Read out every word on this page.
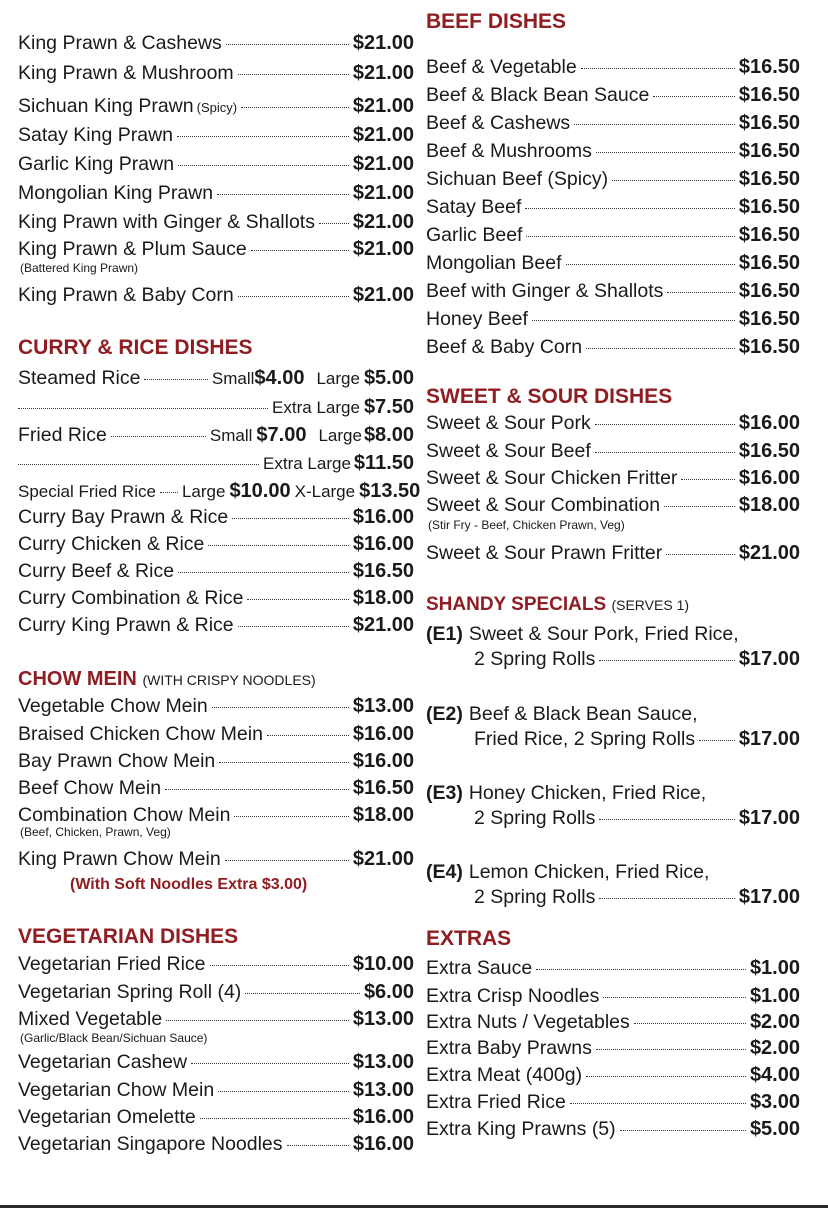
King Prawn & Cashews	$21.00
King Prawn & Mushroom	$21.00
Sichuan King Prawn (Spicy)	$21.00
Satay King Prawn	$21.00
Garlic King Prawn	$21.00
Mongolian King Prawn	$21.00
King Prawn with Ginger & Shallots $21.00
King Prawn & Plum Sauce	$21.00
(Battered King Prawn)
King Prawn & Baby Corn	$21.00
CURRY & RICE DISHES
Steamed Rice	Small $4.00 Large $5.00
Extra Large $7.50
Fried Rice	Small $7.00 Large $8.00
Extra Large $11.50
Special Fried Rice Large $10.00 X-Large $13.50
Curry Bay Prawn & Rice	$16.00
Curry Chicken & Rice	$16.00
Curry Beef & Rice	$16.50
Curry Combination & Rice	$18.00
Curry King Prawn & Rice	$21.00
CHOW MEIN (WITH CRISPY NOODLES)
Vegetable Chow Mein	$13.00
Braised Chicken Chow Mein	$16.00
Bay Prawn Chow Mein	$16.00
Beef Chow Mein	$16.50
Combination Chow Mein	$18.00
(Beef, Chicken, Prawn, Veg)
King Prawn Chow Mein	$21.00
(With Soft Noodles Extra $3.00)
VEGETARIAN DISHES
Vegetarian Fried Rice	$10.00
Vegetarian Spring Roll (4)	$6.00
Mixed Vegetable	$13.00
(Garlic/Black Bean/Sichuan Sauce)
Vegetarian Cashew	$13.00
Vegetarian Chow Mein	$13.00
Vegetarian Omelette	$16.00
Vegetarian Singapore Noodles	$16.00
BEEF DISHES
Beef & Vegetable	$16.50
Beef & Black Bean Sauce	$16.50
Beef & Cashews	$16.50
Beef & Mushrooms	$16.50
Sichuan Beef (Spicy)	$16.50
Satay Beef	$16.50
Garlic Beef	$16.50
Mongolian Beef	$16.50
Beef with Ginger & Shallots	$16.50
Honey Beef	$16.50
Beef & Baby Corn	$16.50
SWEET & SOUR DISHES
Sweet & Sour Pork	$16.00
Sweet & Sour Beef	$16.50
Sweet & Sour Chicken Fritter	$16.00
Sweet & Sour Combination	$18.00
(Stir Fry - Beef, Chicken Prawn, Veg)
Sweet & Sour Prawn Fritter	$21.00
SHANDY SPECIALS (SERVES 1)
(E1) Sweet & Sour Pork, Fried Rice,
2 Spring Rolls	$17.00
(E2) Beef & Black Bean Sauce,
Fried Rice, 2 Spring Rolls $17.00
(E3) Honey Chicken, Fried Rice,
2 Spring Rolls	$17.00
(E4) Lemon Chicken, Fried Rice,
2 Spring Rolls	$17.00
EXTRAS
Extra Sauce	$1.00
Extra Crisp Noodles	$1.00
Extra Nuts / Vegetables	$2.00
Extra Baby Prawns	$2.00
Extra Meat (400g)	$4.00
Extra Fried Rice	$3.00
Extra King Prawns (5)	$5.00
